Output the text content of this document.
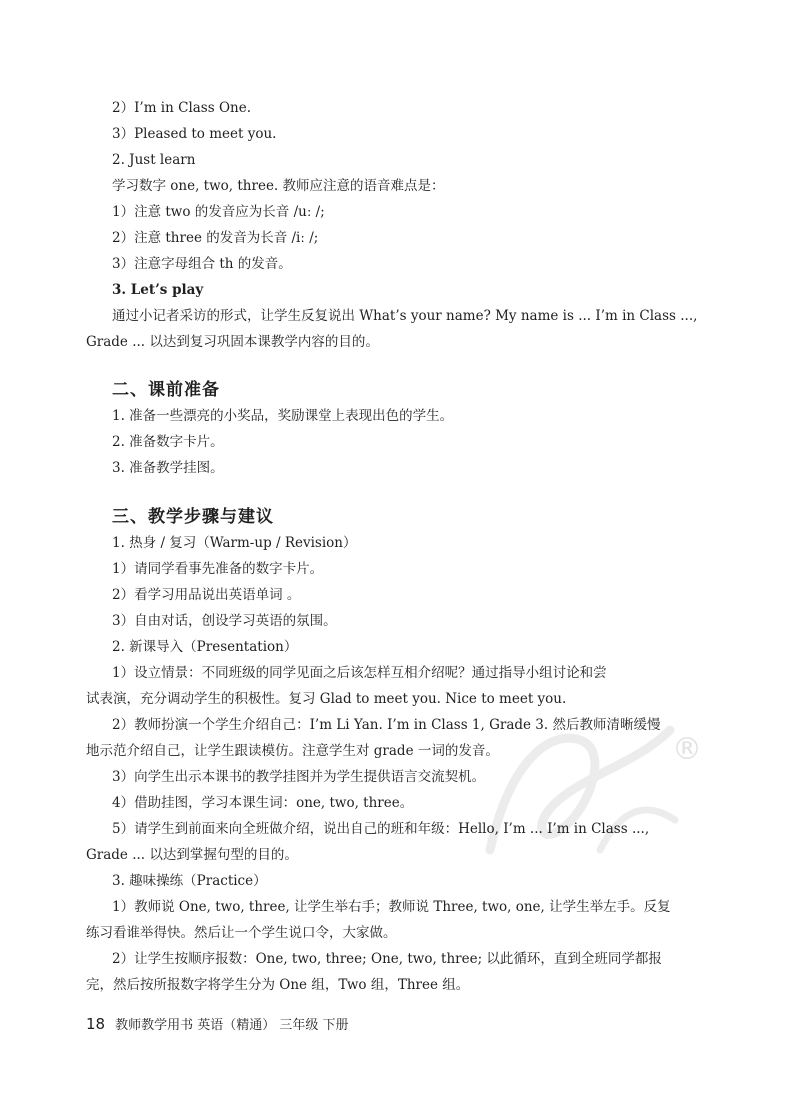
2）I’m in Class One.
3）Pleased to meet you.
2. Just learn
学习数字 one, two, three. 教师应注意的语音难点是：
1）注意 two 的发音应为长音 /uː /;
2）注意 three 的发音为长音 /iː /;
3）注意字母组合 th 的发音。
3. Let’s play
通过小记者采访的形式，让学生反复说出 What’s your name? My name is ... I’m in Class ...,
Grade ... 以达到复习巩固本课教学内容的目的。
二、课前准备
1. 准备一些漂亮的小奖品，奖励课堂上表现出色的学生。
2. 准备数字卡片。
3. 准备教学挂图。
三、教学步骤与建议
1. 热身 / 复习（Warm-up / Revision）
1）请同学看事先准备的数字卡片。
2）看学习用品说出英语单词 。
3）自由对话，创设学习英语的氛围。
2. 新课导入（Presentation）
1）设立情景：不同班级的同学见面之后该怎样互相介绍呢？通过指导小组讨论和尝
试表演，充分调动学生的积极性。复习 Glad to meet you. Nice to meet you.
2）教师扮演一个学生介绍自己：I’m Li Yan. I’m in Class 1, Grade 3. 然后教师清晰缓慢
地示范介绍自己，让学生跟读模仿。注意学生对 grade 一词的发音。
3）向学生出示本课书的教学挂图并为学生提供语言交流契机。
4）借助挂图，学习本课生词：one, two, three。
5）请学生到前面来向全班做介绍，说出自己的班和年级：Hello, I’m ... I’m in Class ...,
Grade ... 以达到掌握句型的目的。
3. 趣味操练（Practice）
1）教师说 One, two, three, 让学生举右手；教师说 Three, two, one, 让学生举左手。反复
练习看谁举得快。然后让一个学生说口令，大家做。
2）让学生按顺序报数：One, two, three; One, two, three; 以此循环，直到全班同学都报
完，然后按所报数字将学生分为 One 组，Two 组，Three 组。
®
18 教师教学用书 英语（精通） 三年级 下册
